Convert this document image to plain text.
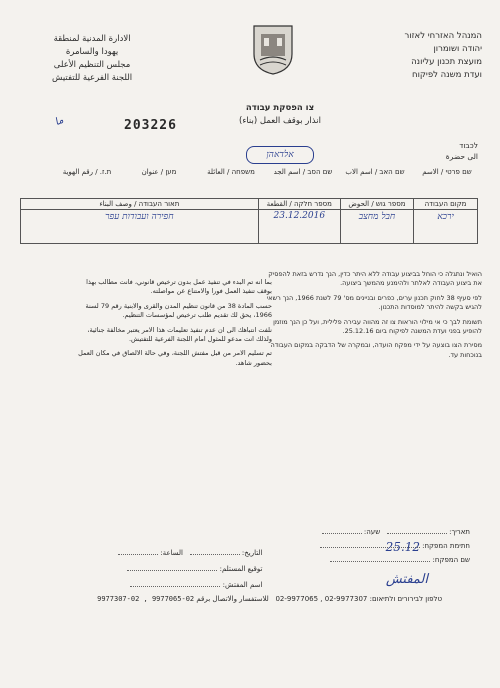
המנהל האזרחי לאזור
יהודה ושומרון
מועצת תכנון עליונה
ועדת משנה לפיקוח
الادارة المدنية لمنطقة
يهودا والسامرة
مجلس التنظيم الأعلى
اللجنة الفرعية للتفتيش
צו הפסקת עבודה
انذار بوقف العمل (بناء)
203226
ﻣﺎ
לכבוד
الى حضرة
אלדאהן
שם פרטי / الاسم
שם האב / اسم الاب
שם הסב / اسم الجد
משפחה / العائلة
מען / عنوان
ת.ז. / رقم الهوية
מקום העבודה	מספר גוש / الحوض	מספר חלקה / القطعة	תאור העבודה / وصف البناء
ירכא	חבל מחצב	23.12.2016	חפירה ועבודות עפר

הואיל ונתגלה כי הוחל בביצוע עבודה ללא היתר כדין, הנך נדרש בזאת להפסיק את ביצוע העבודה לאלתר ולהימנע מהמשך ביצועה.

לפי סעיף 38 לחוק תכנון ערים, כפרים ובניינים מס' 79 לשנת 1966, הנך רשאי להגיש בקשה להיתר למוסדות התכנון.

תשומת לבך כי אי מילוי הוראות צו זה מהווה עבירה פלילית, ועל כן הנך מוזמן להופיע בפני ועדת המשנה לפיקוח ביום 25.12.16.

מסירת הצו בוצעה על ידי מפקח הועדה, ובמקרה של הדבקה במקום העבודה בנוכחות עד.

بما انه تم البدء في تنفيذ عمل بدون ترخيص قانوني، فانت مطالب بهذا بوقف تنفيذ العمل فورا والامتناع عن مواصلته.

حسب المادة 38 من قانون تنظيم المدن والقرى والابنية رقم 79 لسنة 1966، يحق لك تقديم طلب ترخيص لمؤسسات التنظيم.

نلفت انتباهك الى ان عدم تنفيذ تعليمات هذا الامر يعتبر مخالفة جنائية، ولذلك انت مدعو للمثول امام اللجنة الفرعية للتفتيش.

تم تسليم الامر من قبل مفتش اللجنة، وفي حالة الالصاق في مكان العمل بحضور شاهد.

التاريخ:    الساعة:
توقيع المستلم:
اسم المفتش:
תאריך:    שעה:
חתימת המפקח:
שם המפקח:
25.12
ﺍﻟﻤﻔﺘﺶ
טלפון לבירורים ולתיאום: 02-9977307 , 02-9977065   للاستفسار والاتصال برقم 02-9977065 , 02-9977307
